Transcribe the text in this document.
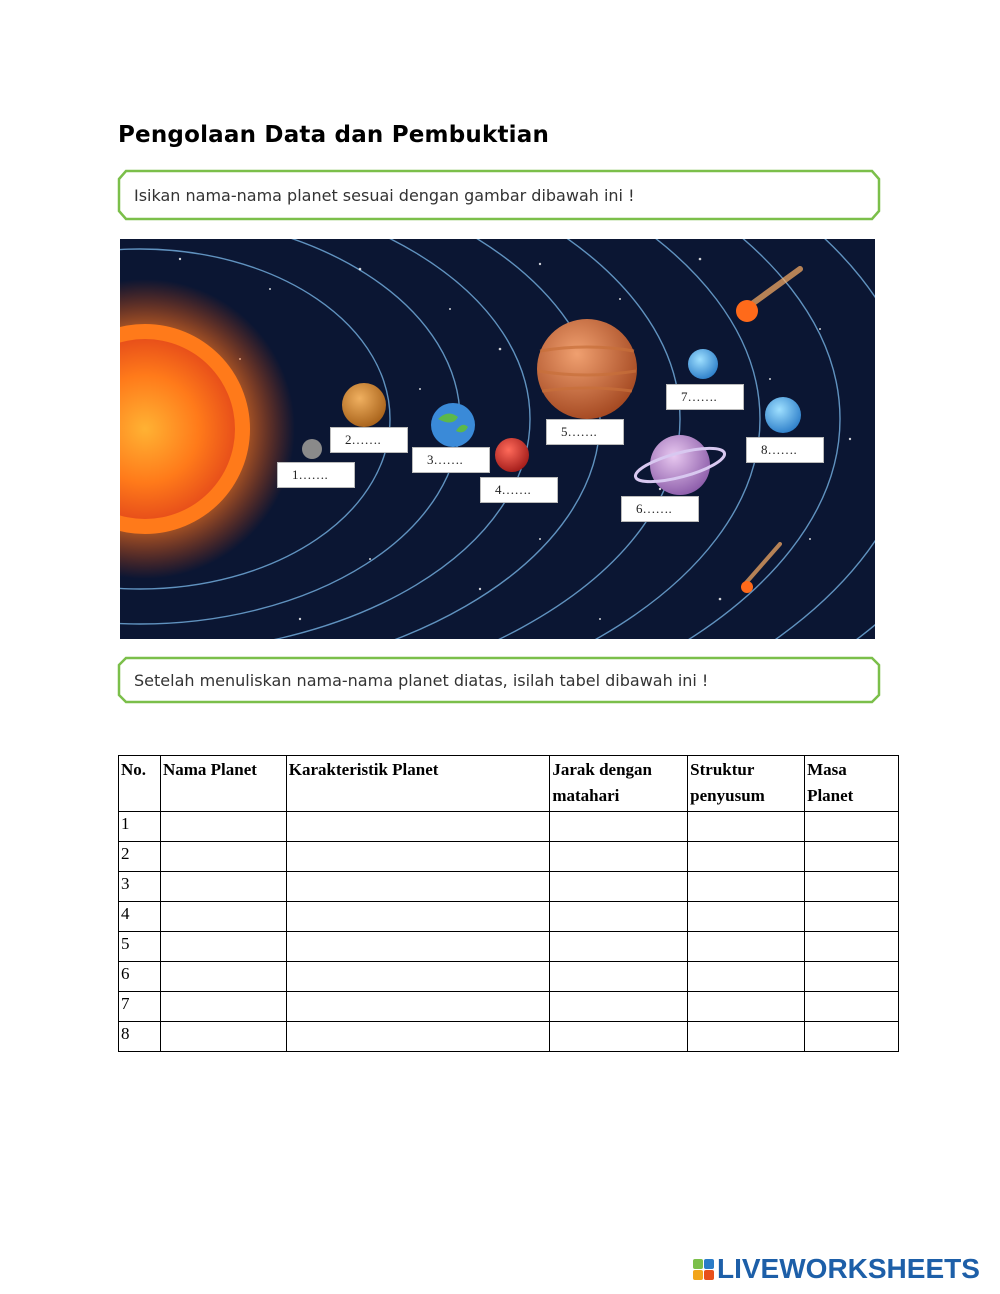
Pengolaan Data dan Pembuktian
Isikan nama-nama planet sesuai dengan gambar dibawah ini !
1…….
2…….
3…….
4…….
5…….
6…….
7…….
8…….
Setelah menuliskan nama-nama planet diatas, isilah tabel dibawah ini !
No.	Nama Planet	Karakteristik Planet	Jarak dengan matahari	Struktur penyusum	Masa Planet
1					
2					
3					
4					
5					
6					
7					
8					
LIVEWORKSHEETS
